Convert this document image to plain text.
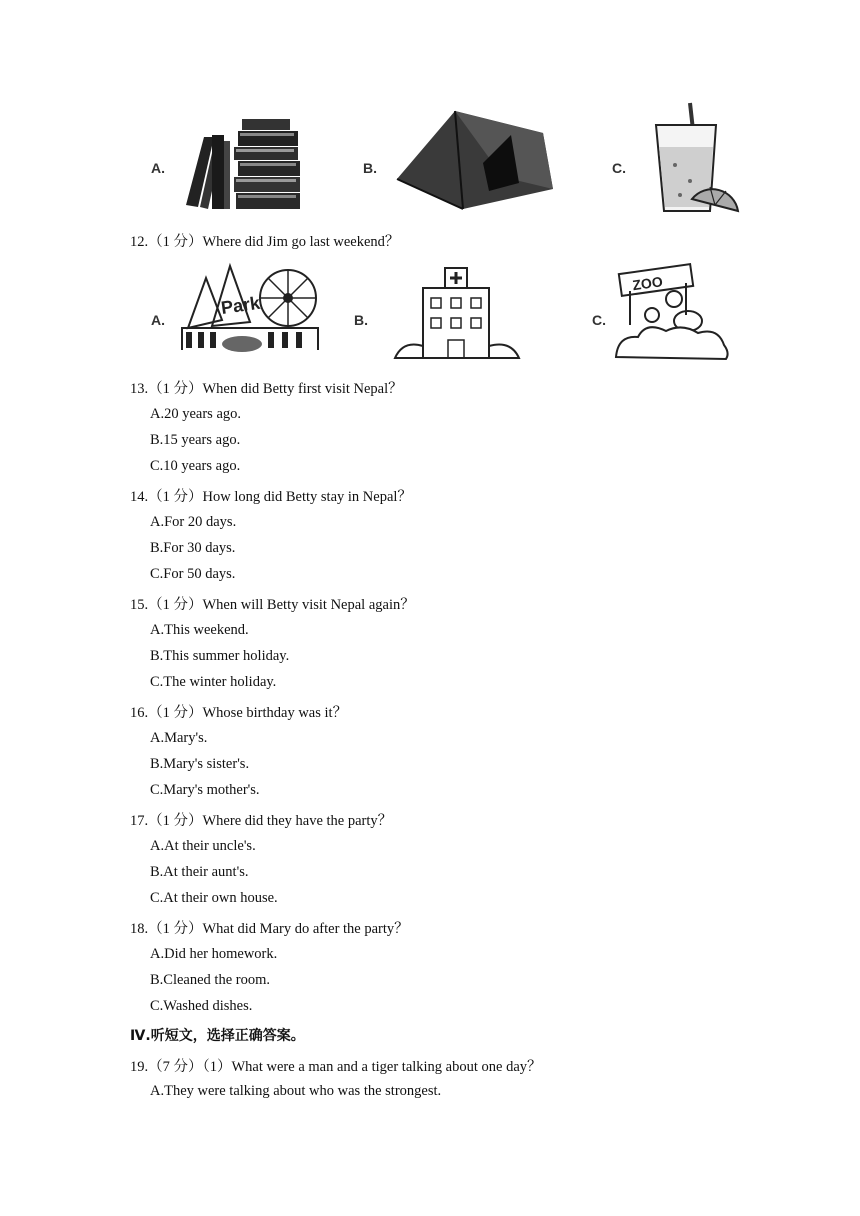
A.	B.	C.
12.（1 分）Where did Jim go last weekend？
A.
Park
B.	C.
ZOO
13.（1 分）When did Betty first visit Nepal？
A.20 years ago.
B.15 years ago.
C.10 years ago.
14.（1 分）How long did Betty stay in Nepal？
A.For 20 days.
B.For 30 days.
C.For 50 days.
15.（1 分）When will Betty visit Nepal again？
A.This weekend.
B.This summer holiday.
C.The winter holiday.
16.（1 分）Whose birthday was it？
A.Mary's.
B.Mary's sister's.
C.Mary's mother's.
17.（1 分）Where did they have the party？
A.At their uncle's.
B.At their aunt's.
C.At their own house.
18.（1 分）What did Mary do after the party？
A.Did her homework.
B.Cleaned the room.
C.Washed dishes.
Ⅳ.听短文，选择正确答案。
19.（7 分）（1）What were a man and a tiger talking about one day？
A.They were talking about who was the strongest.
